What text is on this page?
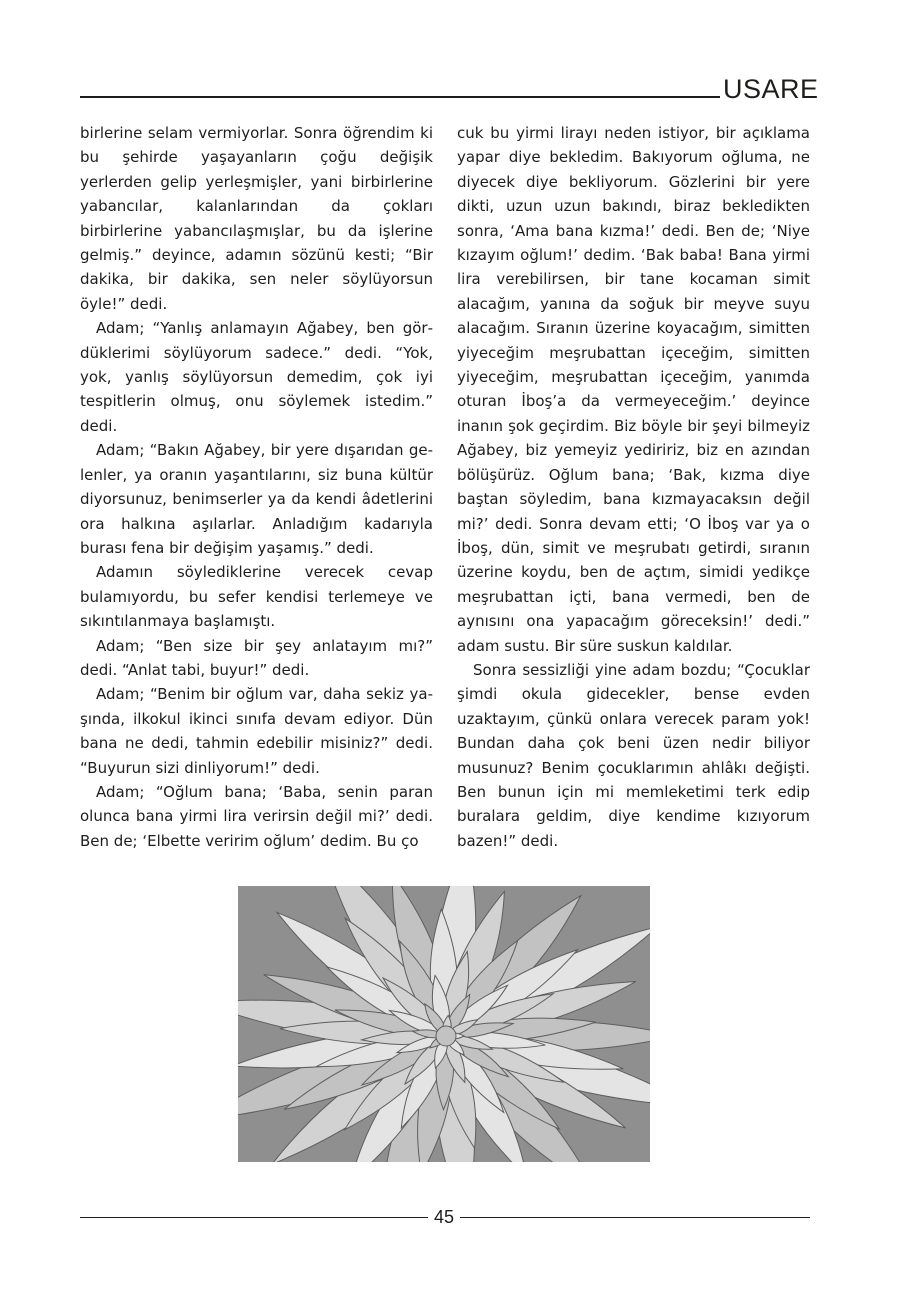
USARE

birlerine selam vermiyorlar. Sonra öğrendim ki bu şehirde yaşayanların çoğu değişik yerlerden gelip yerleşmişler, yani birbirlerine yabancılar, kalanlarından da çokları birbirlerine yabancılaşmışlar, bu da işlerine gelmiş.” deyince, adamın sözünü kesti; “Bir dakika, bir dakika, sen neler söylüyorsun öyle!” dedi.

Adam; “Yanlış anlamayın Ağabey, ben gördüklerimi söylüyorum sadece.” dedi. “Yok, yok, yanlış söylüyorsun demedim, çok iyi tespitlerin olmuş, onu söylemek istedim.” dedi.

Adam; “Bakın Ağabey, bir yere dışarıdan gelenler, ya oranın yaşantılarını, siz buna kültür diyorsunuz, benimserler ya da kendi âdetlerini ora halkına aşılarlar. Anladığım kadarıyla burası fena bir değişim yaşamış.” dedi.

Adamın söylediklerine verecek cevap bulamıyordu, bu sefer kendisi terlemeye ve sıkıntılanmaya başlamıştı.

Adam; “Ben size bir şey anlatayım mı?” dedi. “Anlat tabi, buyur!” dedi.

Adam; “Benim bir oğlum var, daha sekiz yaşında, ilkokul ikinci sınıfa devam ediyor. Dün bana ne dedi, tahmin edebilir misiniz?” dedi. “Buyurun sizi dinliyorum!” dedi.

Adam; “Oğlum bana; ‘Baba, senin paran olunca bana yirmi lira verirsin değil mi?’ dedi. Ben de; ‘Elbette veririm oğlum’ dedim. Bu ço

cuk bu yirmi lirayı neden istiyor, bir açıklama yapar diye bekledim. Bakıyorum oğluma, ne diyecek diye bekliyorum. Gözlerini bir yere dikti, uzun uzun bakındı, biraz bekledikten sonra, ‘Ama bana kızma!’ dedi. Ben de; ‘Niye kızayım oğlum!’ dedim. ‘Bak baba! Bana yirmi lira verebilirsen, bir tane kocaman simit alacağım, yanına da soğuk bir meyve suyu alacağım. Sıranın üzerine koyacağım, simitten yiyeceğim meşrubattan içeceğim, simitten yiyeceğim, meşrubattan içeceğim, yanımda oturan İboş’a da vermeyeceğim.’ deyince inanın şok geçirdim. Biz böyle bir şeyi bilmeyiz Ağabey, biz yemeyiz yediririz, biz en azından bölüşürüz. Oğlum bana; ‘Bak, kızma diye baştan söyledim, bana kızmayacaksın değil mi?’ dedi. Sonra devam etti; ‘O İboş var ya o İboş, dün, simit ve meşrubatı getirdi, sıranın üzerine koydu, ben de açtım, simidi yedikçe meşrubattan içti, bana vermedi, ben de aynısını ona yapacağım göreceksin!’ dedi.” adam sustu. Bir süre suskun kaldılar.

Sonra sessizliği yine adam bozdu; “Çocuklar şimdi okula gidecekler, bense evden uzaktayım, çünkü onlara verecek param yok! Bundan daha çok beni üzen nedir biliyor musunuz? Benim çocuklarımın ahlâkı değişti. Ben bunun için mi memleketimi terk edip buralara geldim, diye kendime kızıyorum bazen!” dedi.

45
